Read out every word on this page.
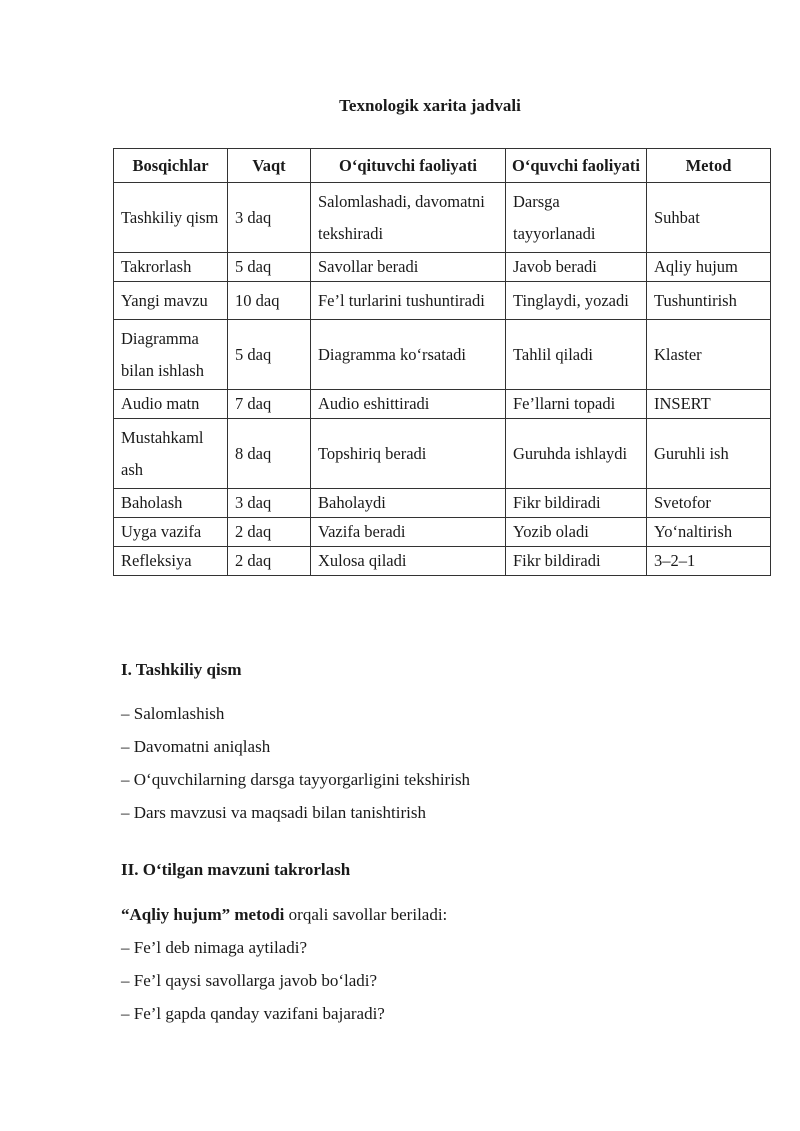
Texnologik xarita jadvali
Bosqichlar	Vaqt	O‘qituvchi faoliyati	O‘quvchi faoliyati	Metod
Tashkiliy qism	3 daq	Salomlashadi, davomatni tekshiradi	Darsga tayyorlanadi	Suhbat
Takrorlash	5 daq	Savollar beradi	Javob beradi	Aqliy hujum
Yangi mavzu	10 daq	Fe’l turlarini tushuntiradi	Tinglaydi, yozadi	Tushuntirish
Diagramma bilan ishlash	5 daq	Diagramma ko‘rsatadi	Tahlil qiladi	Klaster
Audio matn	7 daq	Audio eshittiradi	Fe’llarni topadi	INSERT
Mustahkaml ash	8 daq	Topshiriq beradi	Guruhda ishlaydi	Guruhli ish
Baholash	3 daq	Baholaydi	Fikr bildiradi	Svetofor
Uyga vazifa	2 daq	Vazifa beradi	Yozib oladi	Yo‘naltirish
Refleksiya	2 daq	Xulosa qiladi	Fikr bildiradi	3–2–1
I. Tashkiliy qism
– Salomlashish
– Davomatni aniqlash
– O‘quvchilarning darsga tayyorgarligini tekshirish
– Dars mavzusi va maqsadi bilan tanishtirish
II. O‘tilgan mavzuni takrorlash
“Aqliy hujum” metodi orqali savollar beriladi:
– Fe’l deb nimaga aytiladi?
– Fe’l qaysi savollarga javob bo‘ladi?
– Fe’l gapda qanday vazifani bajaradi?
